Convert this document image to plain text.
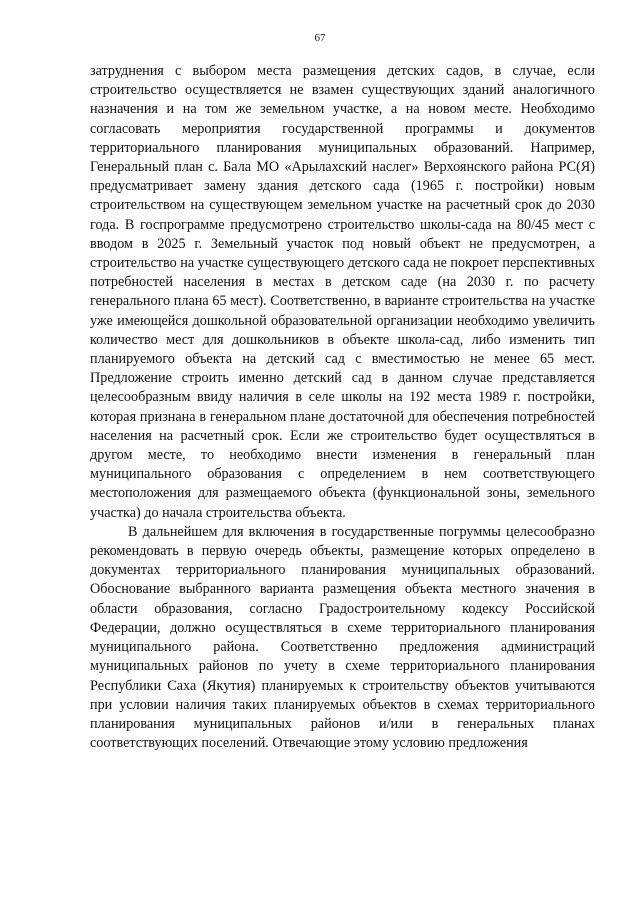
67

затруднения с выбором места размещения детских садов, в случае, если строительство осуществляется не взамен существующих зданий аналогичного назначения и на том же земельном участке, а на новом месте. Необходимо согласовать мероприятия государственной программы и документов территориального планирования муниципальных образований. Например, Генеральный план с. Бала МО «Арылахский наслег» Верхоянского района РС(Я) предусматривает замену здания детского сада (1965 г. постройки) новым строительством на существующем земельном участке на расчетный срок до 2030 года. В госпрограмме предусмотрено строительство школы-сада на 80/45 мест с вводом в 2025 г. Земельный участок под новый объект не предусмотрен, а строительство на участке существующего детского сада не покроет перспективных потребностей населения в местах в детском саде (на 2030 г. по расчету генерального плана 65 мест). Соответственно, в варианте строительства на участке уже имеющейся дошкольной образовательной организации необходимо увеличить количество мест для дошкольников в объекте школа-сад, либо изменить тип планируемого объекта на детский сад с вместимостью не менее 65 мест. Предложение строить именно детский сад в данном случае представляется целесообразным ввиду наличия в селе школы на 192 места 1989 г. постройки, которая признана в генеральном плане достаточной для обеспечения потребностей населения на расчетный срок. Если же строительство будет осуществляться в другом месте, то необходимо внести изменения в генеральный план муниципального образования с определением в нем соответствующего местоположения для размещаемого объекта (функциональной зоны, земельного участка) до начала строительства объекта.

В дальнейшем для включения в государственные погруммы целесообразно рекомендовать в первую очередь объекты, размещение которых определено в документах территориального планирования муниципальных образований. Обоснование выбранного варианта размещения объекта местного значения в области образования, согласно Градостроительному кодексу Российской Федерации, должно осуществляться в схеме территориального планирования муниципального района. Соответственно предложения администраций муниципальных районов по учету в схеме территориального планирования Республики Саха (Якутия) планируемых к строительству объектов учитываются при условии наличия таких планируемых объектов в схемах территориального планирования муниципальных районов и/или в генеральных планах соответствующих поселений. Отвечающие этому условию предложения
